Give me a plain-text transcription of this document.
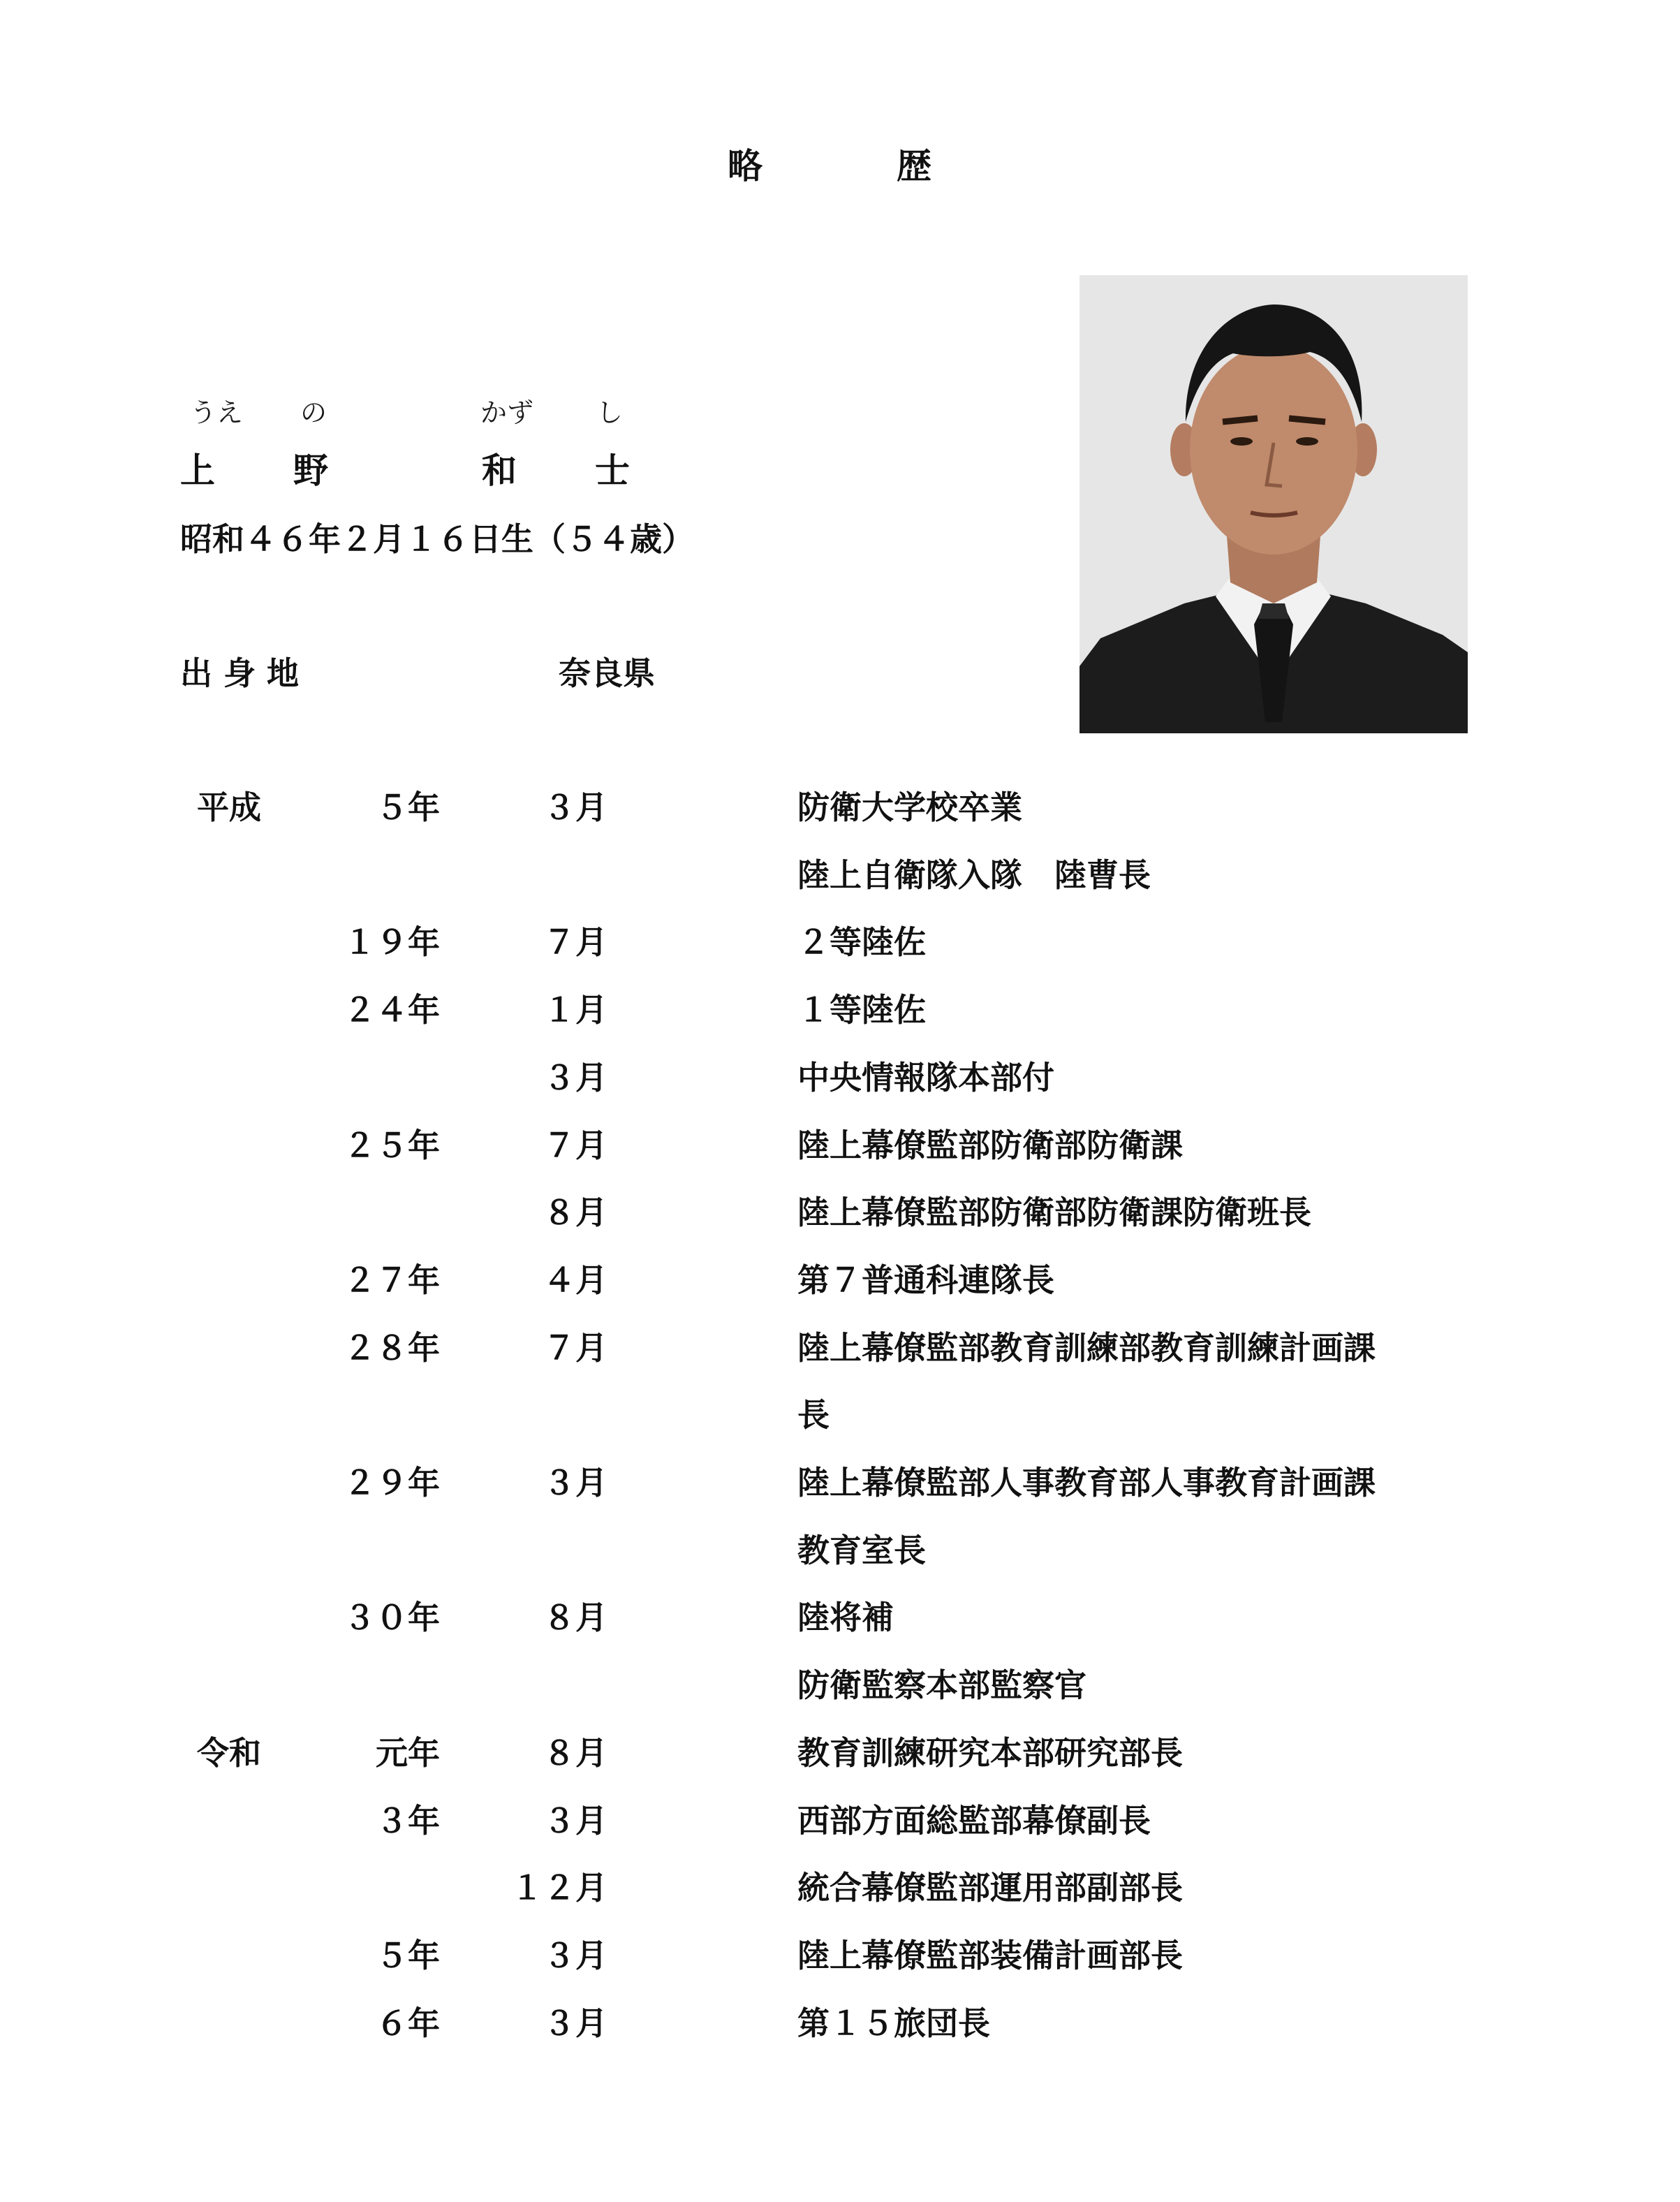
略	歴
うえ の	かず し
上 野	和 士
昭和４６年２月１６日生（５４歳）
出 身 地	奈良県
平成	５年	３月	防衛大学校卒業
陸上自衛隊入隊　陸曹長
１９年	７月	２等陸佐
２４年	１月	１等陸佐
３月	中央情報隊本部付
２５年	７月	陸上幕僚監部防衛部防衛課
８月	陸上幕僚監部防衛部防衛課防衛班長
２７年	４月	第７普通科連隊長
２８年	７月	陸上幕僚監部教育訓練部教育訓練計画課
長
２９年	３月	陸上幕僚監部人事教育部人事教育計画課
教育室長
３０年	８月	陸将補
防衛監察本部監察官
令和	元年	８月	教育訓練研究本部研究部長
３年	３月	西部方面総監部幕僚副長
１２月	統合幕僚監部運用部副部長
５年	３月	陸上幕僚監部装備計画部長
６年	３月	第１５旅団長
